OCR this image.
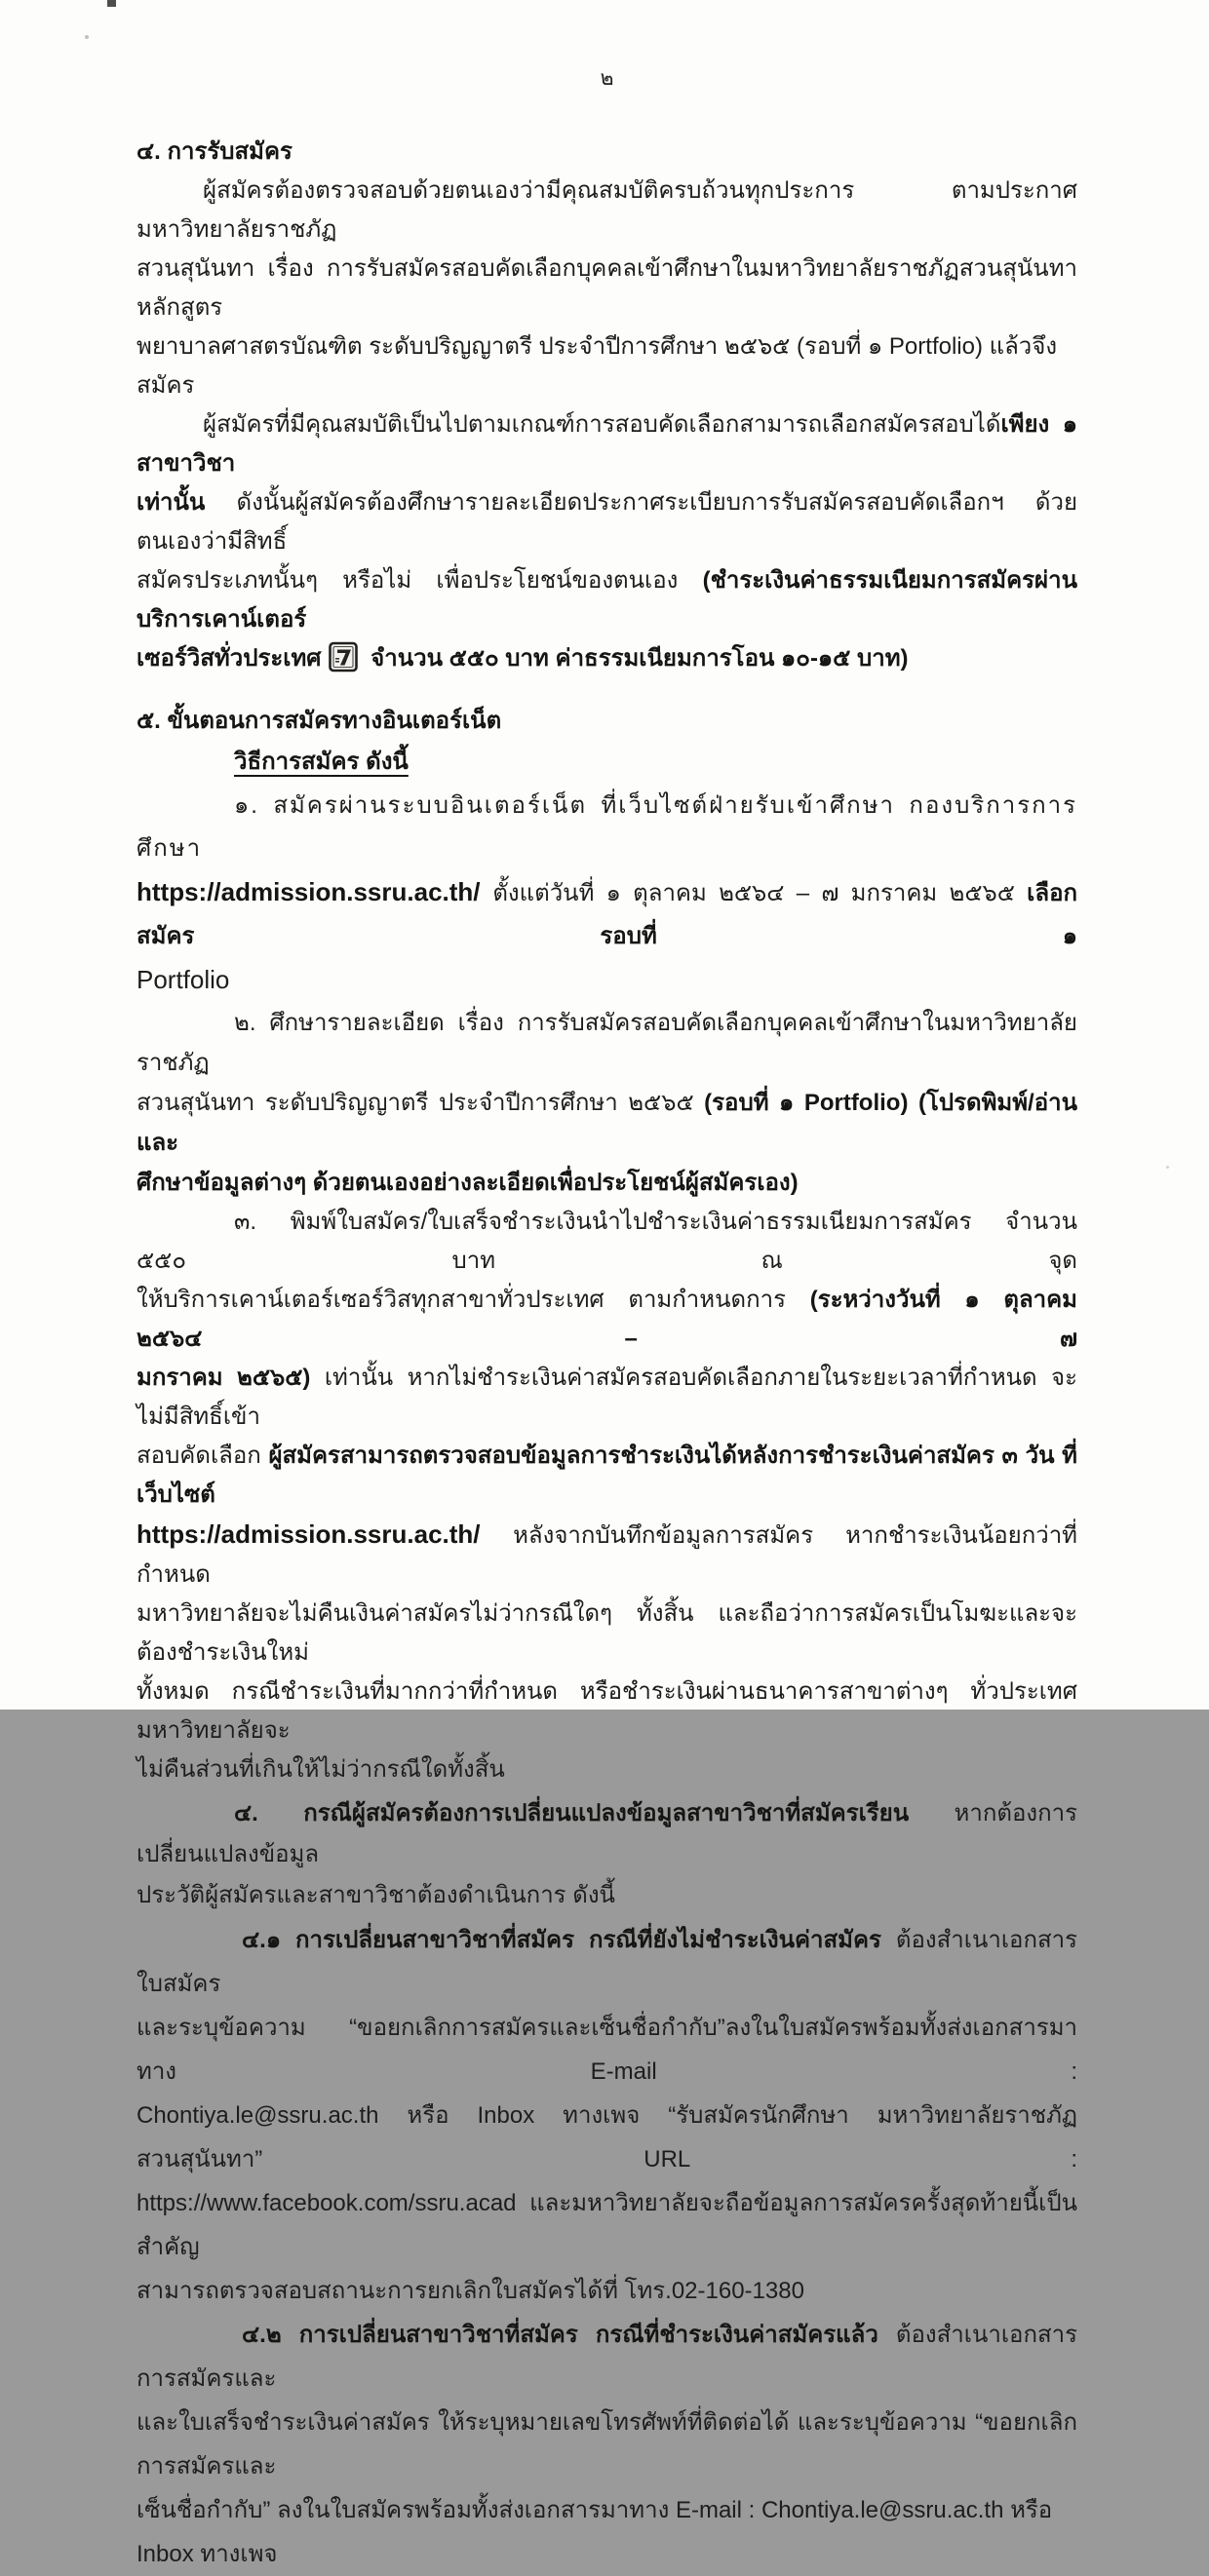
๒
๔. การรับสมัคร
ผู้สมัครต้องตรวจสอบด้วยตนเองว่ามีคุณสมบัติครบถ้วนทุกประการ ตามประกาศมหาวิทยาลัยราชภัฏ
สวนสุนันทา เรื่อง การรับสมัครสอบคัดเลือกบุคคลเข้าศึกษาในมหาวิทยาลัยราชภัฏสวนสุนันทา หลักสูตร
พยาบาลศาสตรบัณฑิต ระดับปริญญาตรี ประจำปีการศึกษา ๒๕๖๕ (รอบที่ ๑ Portfolio) แล้วจึงสมัคร
ผู้สมัครที่มีคุณสมบัติเป็นไปตามเกณฑ์การสอบคัดเลือกสามารถเลือกสมัครสอบได้เพียง ๑ สาขาวิชา
เท่านั้น ดังนั้นผู้สมัครต้องศึกษารายละเอียดประกาศระเบียบการรับสมัครสอบคัดเลือกฯ ด้วยตนเองว่ามีสิทธิ์
สมัครประเภทนั้นๆ หรือไม่ เพื่อประโยชน์ของตนเอง (ชำระเงินค่าธรรมเนียมการสมัครผ่านบริการเคาน์เตอร์
เซอร์วิสทั่วประเทศ จำนวน ๕๕๐ บาท ค่าธรรมเนียมการโอน ๑๐-๑๕ บาท)
๕. ขั้นตอนการสมัครทางอินเตอร์เน็ต
วิธีการสมัคร ดังนี้
๑. สมัครผ่านระบบอินเตอร์เน็ต ที่เว็บไซต์ฝ่ายรับเข้าศึกษา กองบริการการศึกษา
https://admission.ssru.ac.th/ ตั้งแต่วันที่ ๑ ตุลาคม ๒๕๖๔ – ๗ มกราคม ๒๕๖๕ เลือกสมัคร รอบที่ ๑
Portfolio
๒. ศึกษารายละเอียด เรื่อง การรับสมัครสอบคัดเลือกบุคคลเข้าศึกษาในมหาวิทยาลัยราชภัฏ
สวนสุนันทา ระดับปริญญาตรี ประจำปีการศึกษา ๒๕๖๕ (รอบที่ ๑ Portfolio) (โปรดพิมพ์/อ่าน และ
ศึกษาข้อมูลต่างๆ ด้วยตนเองอย่างละเอียดเพื่อประโยชน์ผู้สมัครเอง)
๓. พิมพ์ใบสมัคร/ใบเสร็จชำระเงินนำไปชำระเงินค่าธรรมเนียมการสมัคร จำนวน ๕๕๐ บาท ณ จุด
ให้บริการเคาน์เตอร์เซอร์วิสทุกสาขาทั่วประเทศ ตามกำหนดการ (ระหว่างวันที่ ๑ ตุลาคม ๒๕๖๔ – ๗
มกราคม ๒๕๖๕) เท่านั้น หากไม่ชำระเงินค่าสมัครสอบคัดเลือกภายในระยะเวลาที่กำหนด จะไม่มีสิทธิ์เข้า
สอบคัดเลือก ผู้สมัครสามารถตรวจสอบข้อมูลการชำระเงินได้หลังการชำระเงินค่าสมัคร ๓ วัน ที่เว็บไซต์
https://admission.ssru.ac.th/ หลังจากบันทึกข้อมูลการสมัคร หากชำระเงินน้อยกว่าที่กำหนด
มหาวิทยาลัยจะไม่คืนเงินค่าสมัครไม่ว่ากรณีใดๆ ทั้งสิ้น และถือว่าการสมัครเป็นโมฆะและจะต้องชำระเงินใหม่
ทั้งหมด กรณีชำระเงินที่มากกว่าที่กำหนด หรือชำระเงินผ่านธนาคารสาขาต่างๆ ทั่วประเทศ มหาวิทยาลัยจะ
ไม่คืนส่วนที่เกินให้ไม่ว่ากรณีใดทั้งสิ้น
๔. กรณีผู้สมัครต้องการเปลี่ยนแปลงข้อมูลสาขาวิชาที่สมัครเรียน หากต้องการเปลี่ยนแปลงข้อมูล
ประวัติผู้สมัครและสาขาวิชาต้องดำเนินการ ดังนี้
๔.๑ การเปลี่ยนสาขาวิชาที่สมัคร กรณีที่ยังไม่ชำระเงินค่าสมัคร ต้องสำเนาเอกสารใบสมัคร
และระบุข้อความ “ขอยกเลิกการสมัครและเซ็นชื่อกำกับ”ลงในใบสมัครพร้อมทั้งส่งเอกสารมาทาง E-mail :
Chontiya.le@ssru.ac.th หรือ Inbox ทางเพจ “รับสมัครนักศึกษา มหาวิทยาลัยราชภัฏสวนสุนันทา” URL :
https://www.facebook.com/ssru.acad และมหาวิทยาลัยจะถือข้อมูลการสมัครครั้งสุดท้ายนี้เป็นสำคัญ
สามารถตรวจสอบสถานะการยกเลิกใบสมัครได้ที่ โทร.02-160-1380
๔.๒ การเปลี่ยนสาขาวิชาที่สมัคร กรณีที่ชำระเงินค่าสมัครแล้ว ต้องสำเนาเอกสารการสมัครและ
และใบเสร็จชำระเงินค่าสมัคร ให้ระบุหมายเลขโทรศัพท์ที่ติดต่อได้ และระบุข้อความ “ขอยกเลิกการสมัครและ
เซ็นชื่อกำกับ” ลงในใบสมัครพร้อมทั้งส่งเอกสารมาทาง E-mail : Chontiya.le@ssru.ac.th หรือ Inbox ทางเพจ
